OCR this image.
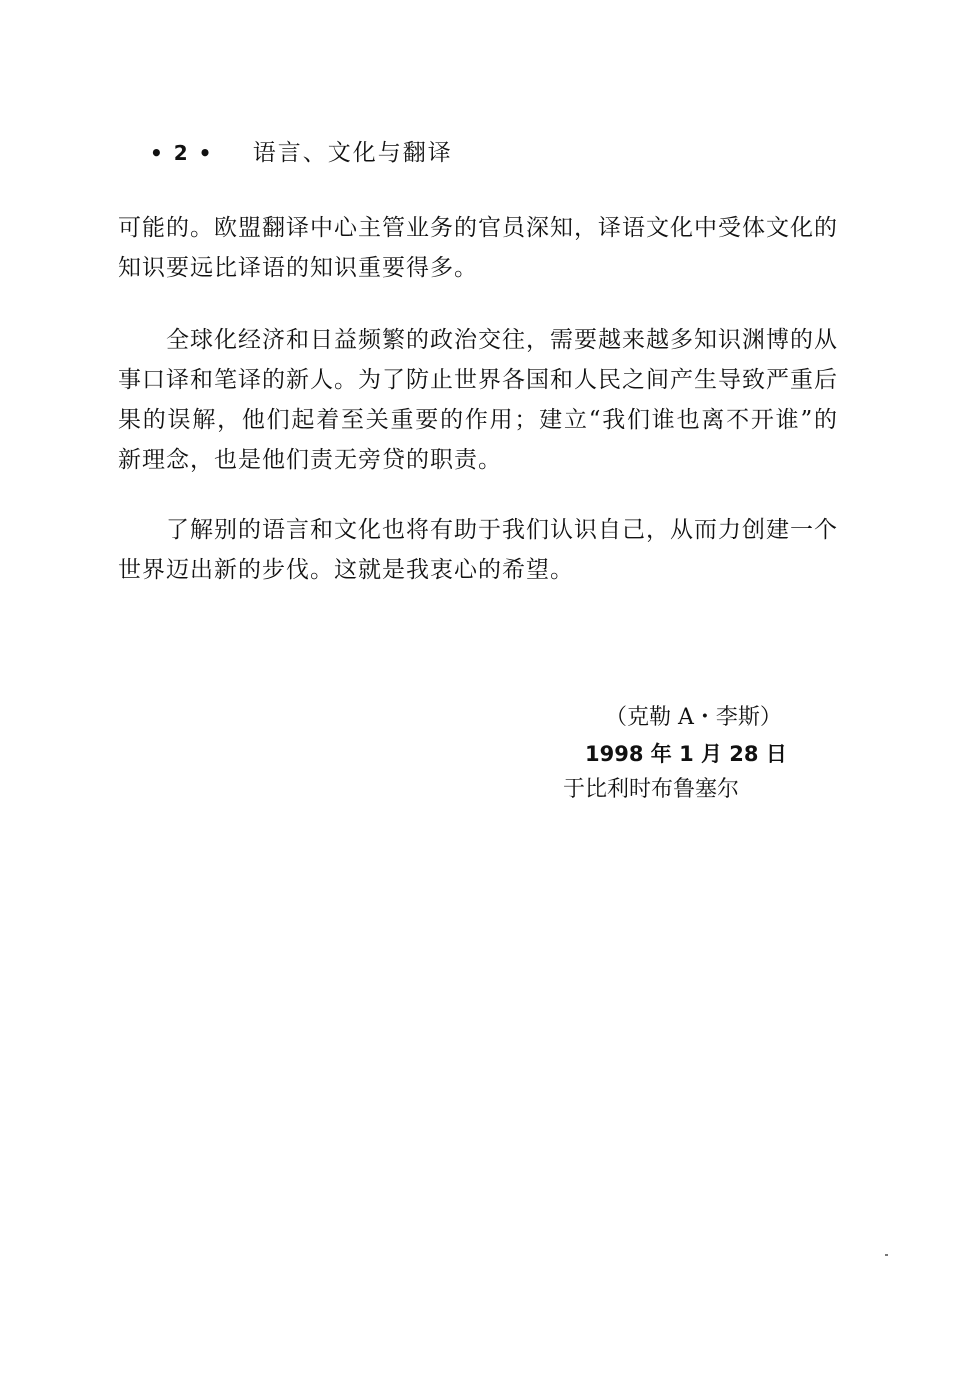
• 2 • 语言、文化与翻译

可能的。欧盟翻译中心主管业务的官员深知，译语文化中受体文化的知识要远比译语的知识重要得多。

全球化经济和日益频繁的政治交往，需要越来越多知识渊博的从事口译和笔译的新人。为了防止世界各国和人民之间产生导致严重后果的误解，他们起着至关重要的作用；建立“我们谁也离不开谁”的新理念，也是他们责无旁贷的职责。

了解别的语言和文化也将有助于我们认识自己，从而力创建一个世界迈出新的步伐。这就是我衷心的希望。

（克勒 A・李斯）
1998 年 1 月 28 日
于比利时布鲁塞尔
